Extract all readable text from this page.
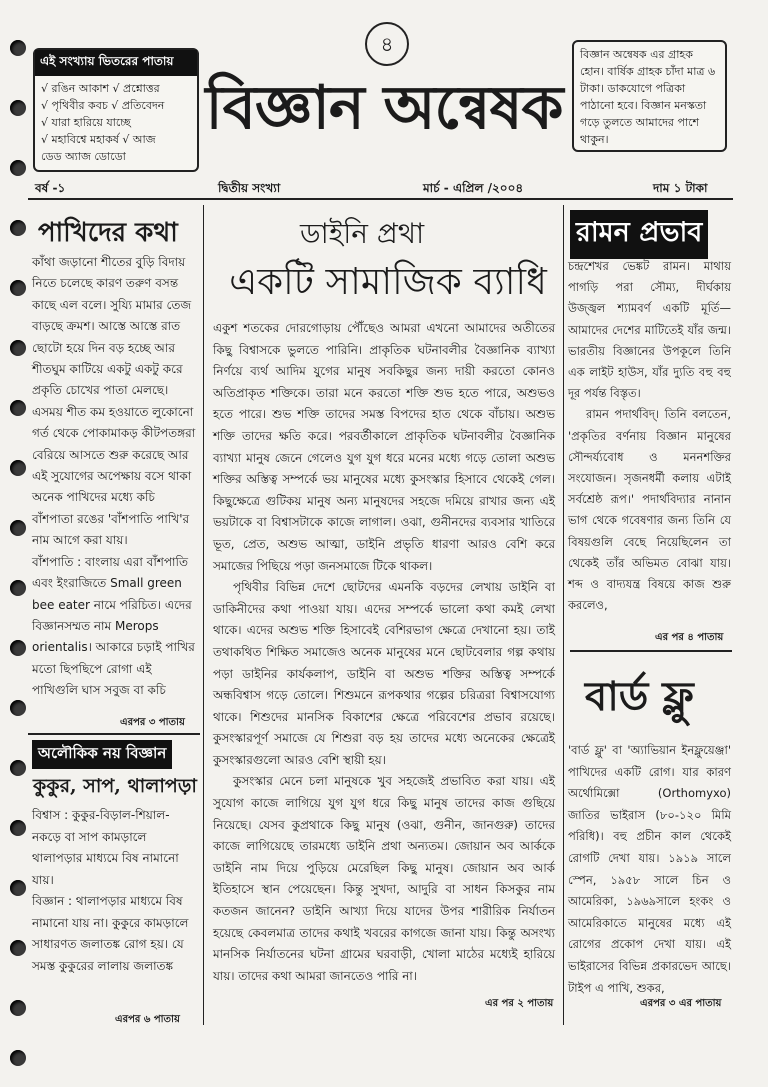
৪
এই সংখ্যায় ভিতরের পাতায়
√ রঙিন আকাশ √ প্রশ্নোত্তর
√ পৃথিবীর কবচ √ প্রতিবেদন
√ যারা হারিয়ে যাচ্ছে
√ মহাবিশ্বে মহাকর্ষ √ আজ
ডেড অ্যাজ ডোডো
বিজ্ঞান অন্বেষক
বিজ্ঞান অন্বেষক এর গ্রাহক হোন। বার্ষিক গ্রাহক চাঁদা মাত্র ৬ টাকা। ডাকযোগে পত্রিকা পাঠানো হবে। বিজ্ঞান মনস্কতা গড়ে তুলতে আমাদের পাশে থাকুন।
বর্ষ -১	দ্বিতীয় সংখ্যা	মার্চ - এপ্রিল /২০০৪	দাম ১ টাকা
পাখিদের কথা

কাঁথা জড়ানো শীতের বুড়ি বিদায় নিতে চলেছে কারণ তরুণ বসন্ত কাছে এল বলে। সুয্যি মামার তেজ বাড়ছে ক্রমশ। আস্তে আস্তে রাত ছোটো হয়ে দিন বড় হচ্ছে আর শীতঘুম কাটিয়ে একটু একটু করে প্রকৃতি চোখের পাতা মেলছে। এসময় শীত কম হওয়াতে লুকোনো গর্ত থেকে পোকামাকড় কীটপতঙ্গরা বেরিয়ে আসতে শুরু করেছে আর এই সুযোগের অপেক্ষায় বসে থাকা অনেক পাখিদের মধ্যে কচি বাঁশপাতা রঙের 'বাঁশপাতি পাখি'র নাম আগে করা যায়।

বাঁশপাতি : বাংলায় এরা বাঁশপাতি এবং ইংরাজিতে Small green bee eater নামে পরিচিত। এদের বিজ্ঞানসম্মত নাম Merops orientalis। আকারে চড়াই পাখির মতো ছিপছিপে রোগা এই পাখিগুলি ঘাস সবুজ বা কচি

এরপর ৩ পাতায়
অলৌকিক নয় বিজ্ঞান
কুকুর, সাপ, থালাপড়া

বিশ্বাস : কুকুর-বিড়াল-শিয়াল-নকড়ে বা সাপ কামড়ালে থালাপড়ার মাধ্যমে বিষ নামানো যায়।

বিজ্ঞান : থালাপড়ার মাধ্যমে বিষ নামানো যায় না। কুকুরে কামড়ালে সাধারণত জলাতঙ্ক রোগ হয়। যে সমস্ত কুকুরের লালায় জলাতঙ্ক

এরপর ৬ পাতায়
ডাইনি প্রথা
একটি সামাজিক ব্যাধি

একুশ শতকের দোরগোড়ায় পৌঁছেও আমরা এখনো আমাদের অতীতের কিছু বিশ্বাসকে ভুলতে পারিনি। প্রাকৃতিক ঘটনাবলীর বৈজ্ঞানিক ব্যাখ্যা নির্ণয়ে ব্যর্থ আদিম যুগের মানুষ সবকিছুর জন্য দায়ী করতো কোনও অতিপ্রাকৃত শক্তিকে। তারা মনে করতো শক্তি শুভ হতে পারে, অশুভও হতে পারে। শুভ শক্তি তাদের সমস্ত বিপদের হাত থেকে বাঁচায়। অশুভ শক্তি তাদের ক্ষতি করে। পরবর্তীকালে প্রাকৃতিক ঘটনাবলীর বৈজ্ঞানিক ব্যাখ্যা মানুষ জেনে গেলেও যুগ যুগ ধরে মনের মধ্যে গড়ে তোলা অশুভ শক্তির অস্তিত্ব সম্পর্কে ভয় মানুষের মধ্যে কুসংস্কার হিসাবে থেকেই গেল। কিছুক্ষেত্রে গুটিকয় মানুষ অন্য মানুষদের সহজে দমিয়ে রাখার জন্য এই ভয়টাকে বা বিশ্বাসটাকে কাজে লাগাল। ওঝা, গুনীনদের ব্যবসার খাতিরে ভূত, প্রেত, অশুভ আত্মা, ডাইনি প্রভৃতি ধারণা আরও বেশি করে সমাজের পিছিয়ে পড়া জনসমাজে টিকে থাকল।

পৃথিবীর বিভিন্ন দেশে ছোটদের এমনকি বড়দের লেখায় ডাইনি বা ডাকিনীদের কথা পাওয়া যায়। এদের সম্পর্কে ভালো কথা কমই লেখা থাকে। এদের অশুভ শক্তি হিসাবেই বেশিরভাগ ক্ষেত্রে দেখানো হয়। তাই তথাকথিত শিক্ষিত সমাজেও অনেক মানুষের মনে ছোটবেলার গল্প কথায় পড়া ডাইনির কার্যকলাপ, ডাইনি বা অশুভ শক্তির অস্তিত্ব সম্পর্কে অন্ধবিশ্বাস গড়ে তোলে। শিশুমনে রূপকথার গল্পের চরিত্ররা বিশ্বাসযোগ্য থাকে। শিশুদের মানসিক বিকাশের ক্ষেত্রে পরিবেশের প্রভাব রয়েছে। কুসংস্কারপূর্ণ সমাজে যে শিশুরা বড় হয় তাদের মধ্যে অনেকের ক্ষেত্রেই কুসংস্কারগুলো আরও বেশি স্থায়ী হয়।

কুসংস্কার মেনে চলা মানুষকে খুব সহজেই প্রভাবিত করা যায়। এই সুযোগ কাজে লাগিয়ে যুগ যুগ ধরে কিছু মানুষ তাদের কাজ গুছিয়ে নিয়েছে। যেসব কুপ্রথাকে কিছু মানুষ (ওঝা, গুনীন, জানগুরু) তাদের কাজে লাগিয়েছে তারমধ্যে ডাইনি প্রথা অন্যতম। জোয়ান অব আর্ককে ডাইনি নাম দিয়ে পুড়িয়ে মেরেছিল কিছু মানুষ। জোয়ান অব আর্ক ইতিহাসে স্থান পেয়েছেন। কিন্তু সুখদা, আদুরি বা সাধন কিসকুর নাম কতজন জানেন? ডাইনি আখ্যা দিয়ে যাদের উপর শারীরিক নির্যাতন হয়েছে কেবলমাত্র তাদের কথাই খবরের কাগজে জানা যায়। কিন্তু অসংখ্য মানসিক নির্যাতনের ঘটনা গ্রামের ঘরবাড়ী, খোলা মাঠের মধ্যেই হারিয়ে যায়। তাদের কথা আমরা জানতেও পারি না।

এর পর ২ পাতায়
রামন প্রভাব

চন্দ্রশেখর ভেঙ্কট রামন। মাথায় পাগড়ি পরা সৌম্য, দীর্ঘকায় উজ্জ্বল শ্যামবর্ণ একটি মূর্তি— আমাদের দেশের মাটিতেই যাঁর জন্ম। ভারতীয় বিজ্ঞানের উপকূলে তিনি এক লাইট হাউস, যাঁর দ্যুতি বহু বহু দূর পর্যন্ত বিস্তৃত।

রামন পদার্থবিদ্। তিনি বলতেন, 'প্রকৃতির বর্ণনায় বিজ্ঞান মানুষের সৌন্দর্য্যবোধ ও মননশক্তির সংযোজন। সৃজনধর্মী কলায় এটাই সর্বশ্রেষ্ঠ রূপ।' পদার্থবিদ্যার নানান ভাগ থেকে গবেষণার জন্য তিনি যে বিষয়গুলি বেছে নিয়েছিলেন তা থেকেই তাঁর অভিমত বোঝা যায়। শব্দ ও বাদ্যযন্ত্র বিষয়ে কাজ শুরু করলেও,

এর পর ৪ পাতায়
বার্ড ফ্লু

'বার্ড ফ্লু' বা 'অ্যাভিয়ান ইনফ্লুয়েঞ্জা' পাখিদের একটি রোগ। যার কারণ অর্থোমিক্সো (Orthomyxo) জাতির ভাইরাস (৮০-১২০ মিমি পরিধি)। বহু প্রচীন কাল থেকেই রোগটি দেখা যায়। ১৯১৯ সালে স্পেন, ১৯৫৮ সালে চিন ও আমেরিকা, ১৯৬৯সালে হংকং ও আমেরিকাতে মানুষের মধ্যে এই রোগের প্রকোপ দেখা যায়। এই ভাইরাসের বিভিন্ন প্রকারভেদ আছে। টাইপ এ পাখি, শুকর,

এরপর ৩ এর পাতায়
